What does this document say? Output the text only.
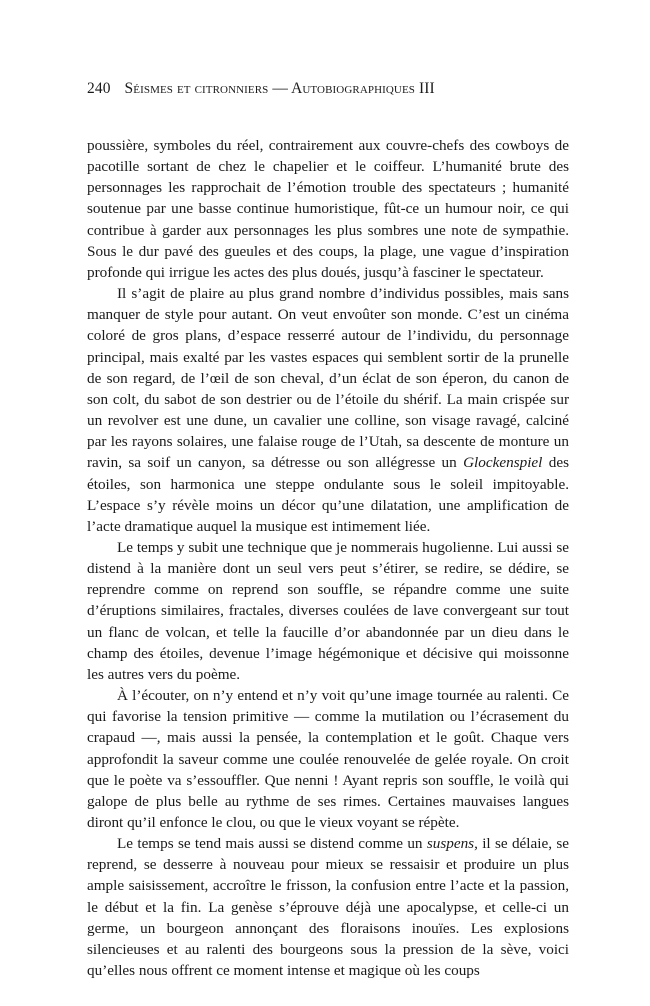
240 Séismes et citronniers — Autobiographiques III

poussière, symboles du réel, contrairement aux couvre-chefs des cowboys de pacotille sortant de chez le chapelier et le coiffeur. L’humanité brute des personnages les rapprochait de l’émotion trouble des spectateurs ; humanité soutenue par une basse continue humoristique, fût-ce un humour noir, ce qui contribue à garder aux personnages les plus sombres une note de sympathie. Sous le dur pavé des gueules et des coups, la plage, une vague d’inspiration profonde qui irrigue les actes des plus doués, jusqu’à fasciner le spectateur.

Il s’agit de plaire au plus grand nombre d’individus possibles, mais sans manquer de style pour autant. On veut envoûter son monde. C’est un cinéma coloré de gros plans, d’espace resserré autour de l’individu, du personnage principal, mais exalté par les vastes espaces qui semblent sortir de la prunelle de son regard, de l’œil de son cheval, d’un éclat de son éperon, du canon de son colt, du sabot de son destrier ou de l’étoile du shérif. La main crispée sur un revolver est une dune, un cavalier une colline, son visage ravagé, calciné par les rayons solaires, une falaise rouge de l’Utah, sa descente de monture un ravin, sa soif un canyon, sa détresse ou son allégresse un Glockenspiel des étoiles, son harmonica une steppe ondulante sous le soleil impitoyable. L’espace s’y révèle moins un décor qu’une dilatation, une amplification de l’acte dramatique auquel la musique est intimement liée.

Le temps y subit une technique que je nommerais hugolienne. Lui aussi se distend à la manière dont un seul vers peut s’étirer, se redire, se dédire, se reprendre comme on reprend son souffle, se répandre comme une suite d’éruptions similaires, fractales, diverses coulées de lave convergeant sur tout un flanc de volcan, et telle la faucille d’or abandonnée par un dieu dans le champ des étoiles, devenue l’image hégémonique et décisive qui moissonne les autres vers du poème.

À l’écouter, on n’y entend et n’y voit qu’une image tournée au ralenti. Ce qui favorise la tension primitive — comme la mutilation ou l’écrasement du crapaud —, mais aussi la pensée, la contemplation et le goût. Chaque vers approfondit la saveur comme une coulée renouvelée de gelée royale. On croit que le poète va s’essouffler. Que nenni ! Ayant repris son souffle, le voilà qui galope de plus belle au rythme de ses rimes. Certaines mauvaises langues diront qu’il enfonce le clou, ou que le vieux voyant se répète.

Le temps se tend mais aussi se distend comme un suspens, il se délaie, se reprend, se desserre à nouveau pour mieux se ressaisir et produire un plus ample saisissement, accroître le frisson, la confusion entre l’acte et la passion, le début et la fin. La genèse s’éprouve déjà une apocalypse, et celle-ci un germe, un bourgeon annonçant des floraisons inouïes. Les explosions silencieuses et au ralenti des bourgeons sous la pression de la sève, voici qu’elles nous offrent ce moment intense et magique où les coups
